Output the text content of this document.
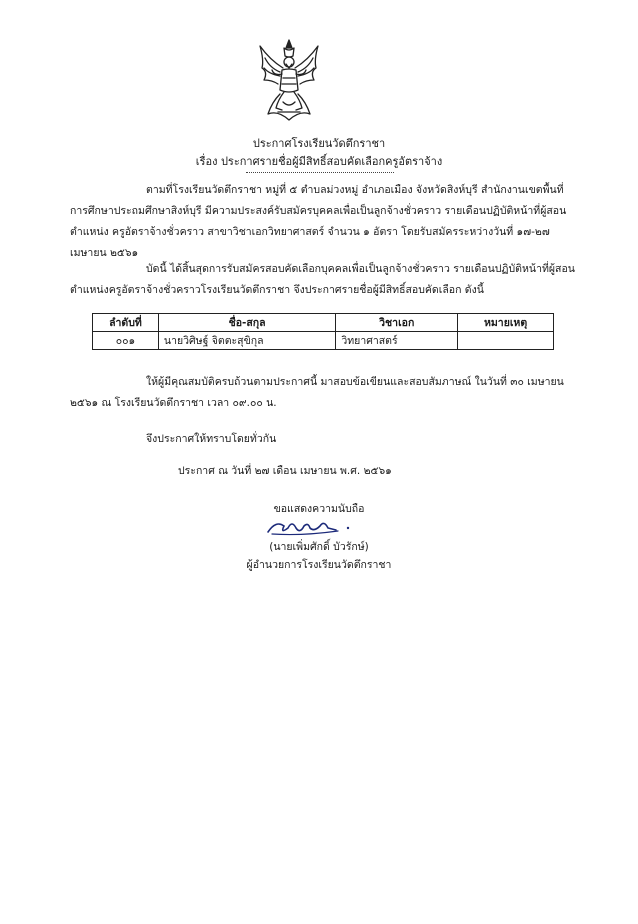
ประกาศโรงเรียนวัดตึกราชา
เรื่อง ประกาศรายชื่อผู้มีสิทธิ์สอบคัดเลือกครูอัตราจ้าง
ตามที่โรงเรียนวัดตึกราชา หมู่ที่ ๕ ตำบลม่วงหมู่ อำเภอเมือง จังหวัดสิงห์บุรี สำนักงานเขตพื้นที่
การศึกษาประถมศึกษาสิงห์บุรี มีความประสงค์รับสมัครบุคคลเพื่อเป็นลูกจ้างชั่วคราว รายเดือนปฏิบัติหน้าที่ผู้สอน
ตำแหน่ง ครูอัตราจ้างชั่วคราว สาขาวิชาเอกวิทยาศาสตร์ จำนวน ๑ อัตรา โดยรับสมัครระหว่างวันที่ ๑๗-๒๗
เมษายน ๒๕๖๑
บัดนี้ ได้สิ้นสุดการรับสมัครสอบคัดเลือกบุคคลเพื่อเป็นลูกจ้างชั่วคราว รายเดือนปฏิบัติหน้าที่ผู้สอน
ตำแหน่งครูอัตราจ้างชั่วคราวโรงเรียนวัดตึกราชา จึงประกาศรายชื่อผู้มีสิทธิ์สอบคัดเลือก ดังนี้
ลำดับที่	ชื่อ-สกุล	วิชาเอก	หมายเหตุ
๐๐๑	นายวิศิษฐ์ จิตตะสุขิกุล	วิทยาศาสตร์	
ให้ผู้มีคุณสมบัติครบถ้วนตามประกาศนี้ มาสอบข้อเขียนและสอบสัมภาษณ์ ในวันที่ ๓๐ เมษายน
๒๕๖๑ ณ โรงเรียนวัดตึกราชา เวลา ๐๙.๐๐ น.
จึงประกาศให้ทราบโดยทั่วกัน
ประกาศ ณ วันที่ ๒๗ เดือน เมษายน พ.ศ. ๒๕๖๑
ขอแสดงความนับถือ
(นายเพิ่มศักดิ์ บัวรักษ์)
ผู้อำนวยการโรงเรียนวัดตึกราชา
